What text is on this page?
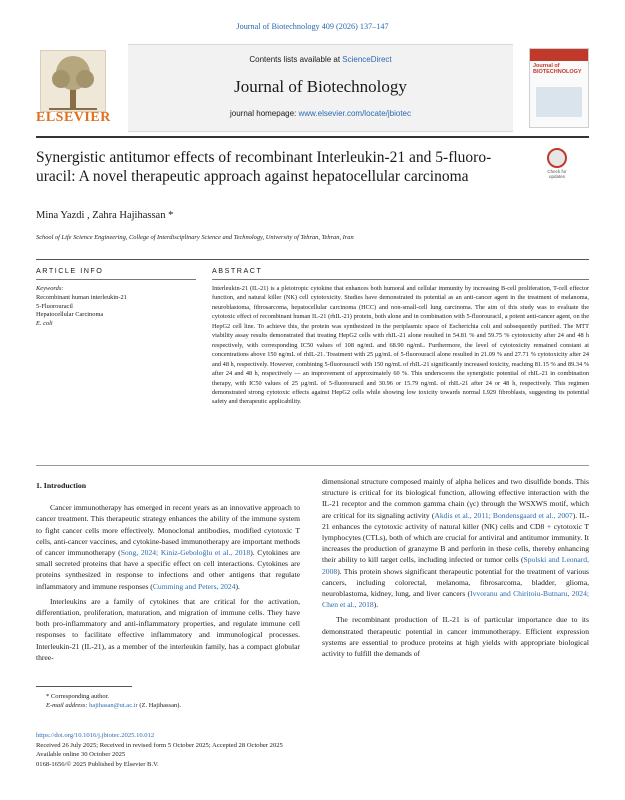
Journal of Biotechnology 409 (2026) 137–147
ELSEVIER
Contents lists available at ScienceDirect
Journal of Biotechnology
journal homepage: www.elsevier.com/locate/jbiotec
Journal of BIOTECHNOLOGY
Synergistic antitumor effects of recombinant Interleukin-21 and 5-fluoro-uracil: A novel therapeutic approach against hepatocellular carcinoma	Check for updates
Mina Yazdi , Zahra Hajihassan *
School of Life Science Engineering, College of Interdisciplinary Science and Technology, University of Tehran, Tehran, Iran
ARTICLE INFO
Keywords:
Recombinant human interleukin-21
5-Fluorouracil
Hepatocellular Carcinoma
E. coli
ABSTRACT
Interleukin-21 (IL-21) is a pleiotropic cytokine that enhances both humoral and cellular immunity by increasing B-cell proliferation, T-cell effector function, and natural killer (NK) cell cytotoxicity. Studies have demonstrated its potential as an anti-cancer agent in the treatment of melanoma, neuroblastoma, fibrosarcoma, hepatocellular carcinoma (HCC) and non-small-cell lung carcinoma. The aim of this study was to evaluate the cytotoxic effect of recombinant human IL-21 (rhIL-21) protein, both alone and in combination with 5-fluorouracil, a potent anti-cancer agent, on the HepG2 cell line. To achieve this, the protein was synthesized in the periplasmic space of Escherichia coli and subsequently purified. The MTT viability assay results demonstrated that treating HepG2 cells with rhIL-21 alone resulted in 54.81 % and 59.75 % cytotoxicity after 24 and 48 h respectively, with corresponding IC50 values of 108 ng/mL and 68.90 ng/mL. Furthermore, the level of cytotoxicity remained constant at concentrations above 150 ng/mL of rhIL-21. Treatment with 25 μg/mL of 5-fluorouracil alone resulted in 21.09 % and 27.71 % cytotoxicity after 24 and 48 h, respectively. However, combining 5-fluorouracil with 150 ng/mL of rhIL-21 significantly increased toxicity, reaching 81.15 % and 89.34 % after 24 and 48 h, respectively — an improvement of approximately 60 %. This underscores the synergistic potential of rhIL-21 in combination therapy, with IC50 values of 25 μg/mL of 5-fluorouracil and 30.96 or 15.79 ng/mL of rhIL-21 after 24 or 48 h, respectively. This regimen demonstrated strong cytotoxic effects against HepG2 cells while showing low toxicity towards normal L929 fibroblasts, suggesting its potential safety and therapeutic applicability.
1. Introduction

Cancer immunotherapy has emerged in recent years as an innovative approach to cancer treatment. This therapeutic strategy enhances the ability of the immune system to fight cancer cells more effectively. Monoclonal antibodies, modified cytotoxic T cells, anti-cancer vaccines, and cytokine-based immunotherapy are important methods of cancer immunotherapy (Song, 2024; Kiniz-Geboloğlu et al., 2018). Cytokines are small secreted proteins that have a specific effect on cell interactions. Cytokines are proteins synthesized in response to infections and other antigens that regulate inflammatory and immune responses (Cumming and Peters, 2024).

Interleukins are a family of cytokines that are critical for the activation, differentiation, proliferation, maturation, and migration of immune cells. They have both pro-inflammatory and anti-inflammatory properties, and regulate immune cell responses to facilitate effective inflammatory and immunological processes. Interleukin-21 (IL-21), as a member of the interleukin family, has a compact globular three-

dimensional structure composed mainly of alpha helices and two disulfide bonds. This structure is critical for its biological function, allowing effective interaction with the IL-21 receptor and the common gamma chain (γc) through the WSXWS motif, which are critical for its signaling activity (Akdis et al., 2011; Bondensgaard et al., 2007). IL-21 enhances the cytotoxic activity of natural killer (NK) cells and CD8 + cytotoxic T lymphocytes (CTLs), both of which are crucial for antiviral and antitumor immunity. It increases the production of granzyme B and perforin in these cells, thereby enhancing their ability to kill target cells, including infected or tumor cells (Spolski and Leonard, 2008). This protein shows significant therapeutic potential for the treatment of various cancers, including colorectal, melanoma, fibrosarcoma, bladder, glioma, neuroblastoma, kidney, lung, and liver cancers (Ivvoranu and Chiritoiu-Butnaru, 2024; Chen et al., 2018).

The recombinant production of IL-21 is of particular importance due to its demonstrated therapeutic potential in cancer immunotherapy. Efficient expression systems are essential to produce proteins at high yields with appropriate biological activity to fulfill the demands of

* Corresponding author.
E-mail address: hajihasan@ut.ac.ir (Z. Hajihassan).
https://doi.org/10.1016/j.jbiotec.2025.10.012
Received 26 July 2025; Received in revised form 5 October 2025; Accepted 28 October 2025
Available online 30 October 2025
0168-1656/© 2025 Published by Elsevier B.V.
